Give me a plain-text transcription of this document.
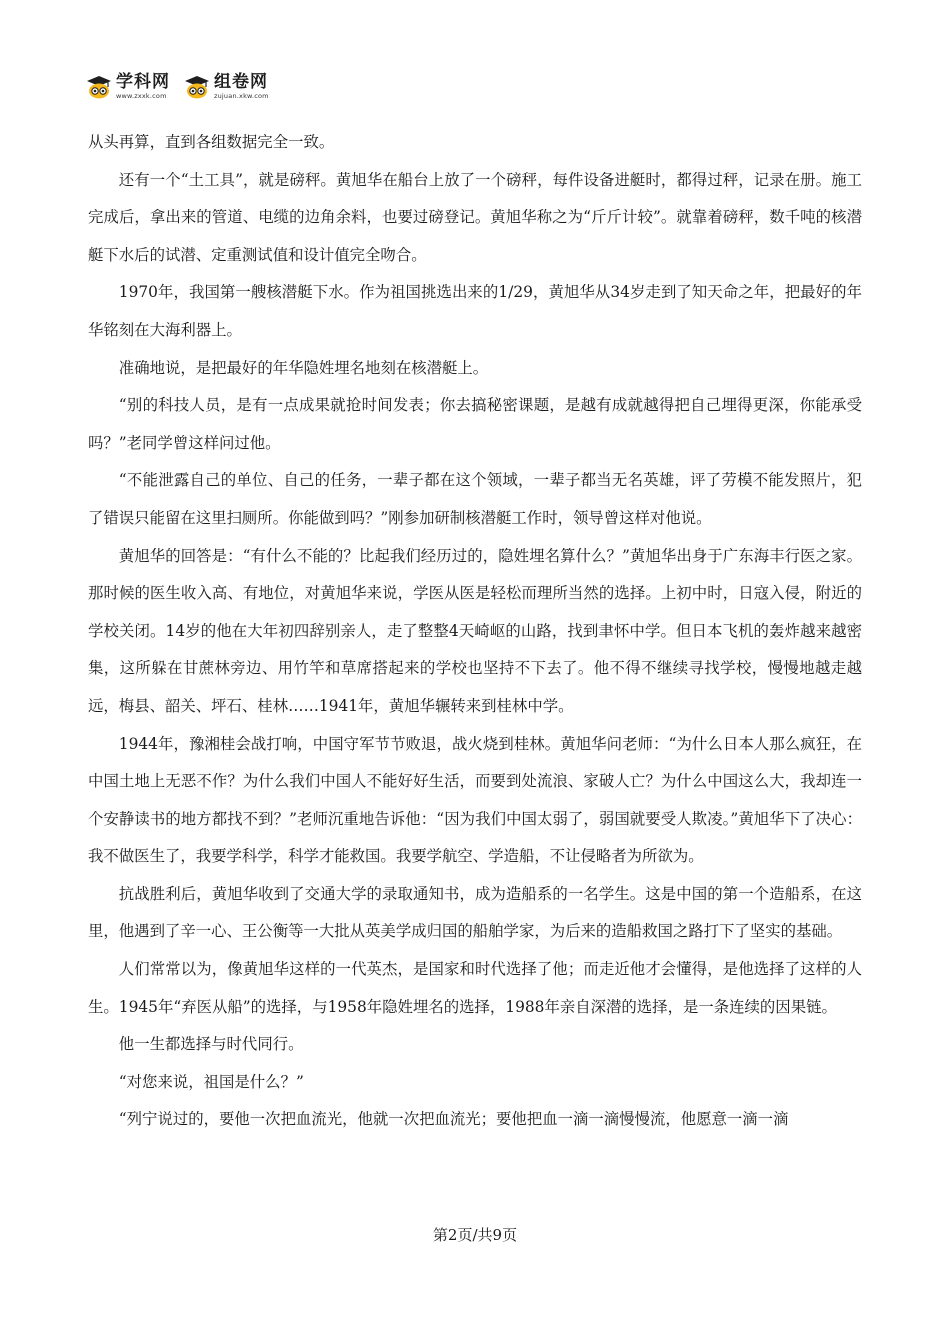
学科网
www.zxxk.com
组卷网
zujuan.xkw.com

从头再算，直到各组数据完全一致。

还有一个“土工具”，就是磅秤。黄旭华在船台上放了一个磅秤，每件设备进艇时，都得过秤，记录在册。施工完成后，拿出来的管道、电缆的边角余料，也要过磅登记。黄旭华称之为“斤斤计较”。就靠着磅秤，数千吨的核潜艇下水后的试潜、定重测试值和设计值完全吻合。

1970年，我国第一艘核潜艇下水。作为祖国挑选出来的1/29，黄旭华从34岁走到了知天命之年，把最好的年华铭刻在大海利器上。

准确地说，是把最好的年华隐姓埋名地刻在核潜艇上。

“别的科技人员，是有一点成果就抢时间发表；你去搞秘密课题，是越有成就越得把自己埋得更深，你能承受吗？”老同学曾这样问过他。

“不能泄露自己的单位、自己的任务，一辈子都在这个领域，一辈子都当无名英雄，评了劳模不能发照片，犯了错误只能留在这里扫厕所。你能做到吗？”刚参加研制核潜艇工作时，领导曾这样对他说。

黄旭华的回答是：“有什么不能的？比起我们经历过的，隐姓埋名算什么？”黄旭华出身于广东海丰行医之家。那时候的医生收入高、有地位，对黄旭华来说，学医从医是轻松而理所当然的选择。上初中时，日寇入侵，附近的学校关闭。14岁的他在大年初四辞别亲人，走了整整4天崎岖的山路，找到聿怀中学。但日本飞机的轰炸越来越密集，这所躲在甘蔗林旁边、用竹竿和草席搭起来的学校也坚持不下去了。他不得不继续寻找学校，慢慢地越走越远，梅县、韶关、坪石、桂林……1941年，黄旭华辗转来到桂林中学。

1944年，豫湘桂会战打响，中国守军节节败退，战火烧到桂林。黄旭华问老师：“为什么日本人那么疯狂，在中国土地上无恶不作？为什么我们中国人不能好好生活，而要到处流浪、家破人亡？为什么中国这么大，我却连一个安静读书的地方都找不到？”老师沉重地告诉他：“因为我们中国太弱了，弱国就要受人欺凌。”黄旭华下了决心：我不做医生了，我要学科学，科学才能救国。我要学航空、学造船，不让侵略者为所欲为。

抗战胜利后，黄旭华收到了交通大学的录取通知书，成为造船系的一名学生。这是中国的第一个造船系，在这里，他遇到了辛一心、王公衡等一大批从英美学成归国的船舶学家，为后来的造船救国之路打下了坚实的基础。

人们常常以为，像黄旭华这样的一代英杰，是国家和时代选择了他；而走近他才会懂得，是他选择了这样的人生。1945年“弃医从船”的选择，与1958年隐姓埋名的选择，1988年亲自深潜的选择，是一条连续的因果链。

他一生都选择与时代同行。

“对您来说，祖国是什么？”

“列宁说过的，要他一次把血流光，他就一次把血流光；要他把血一滴一滴慢慢流，他愿意一滴一滴

第2页/共9页
